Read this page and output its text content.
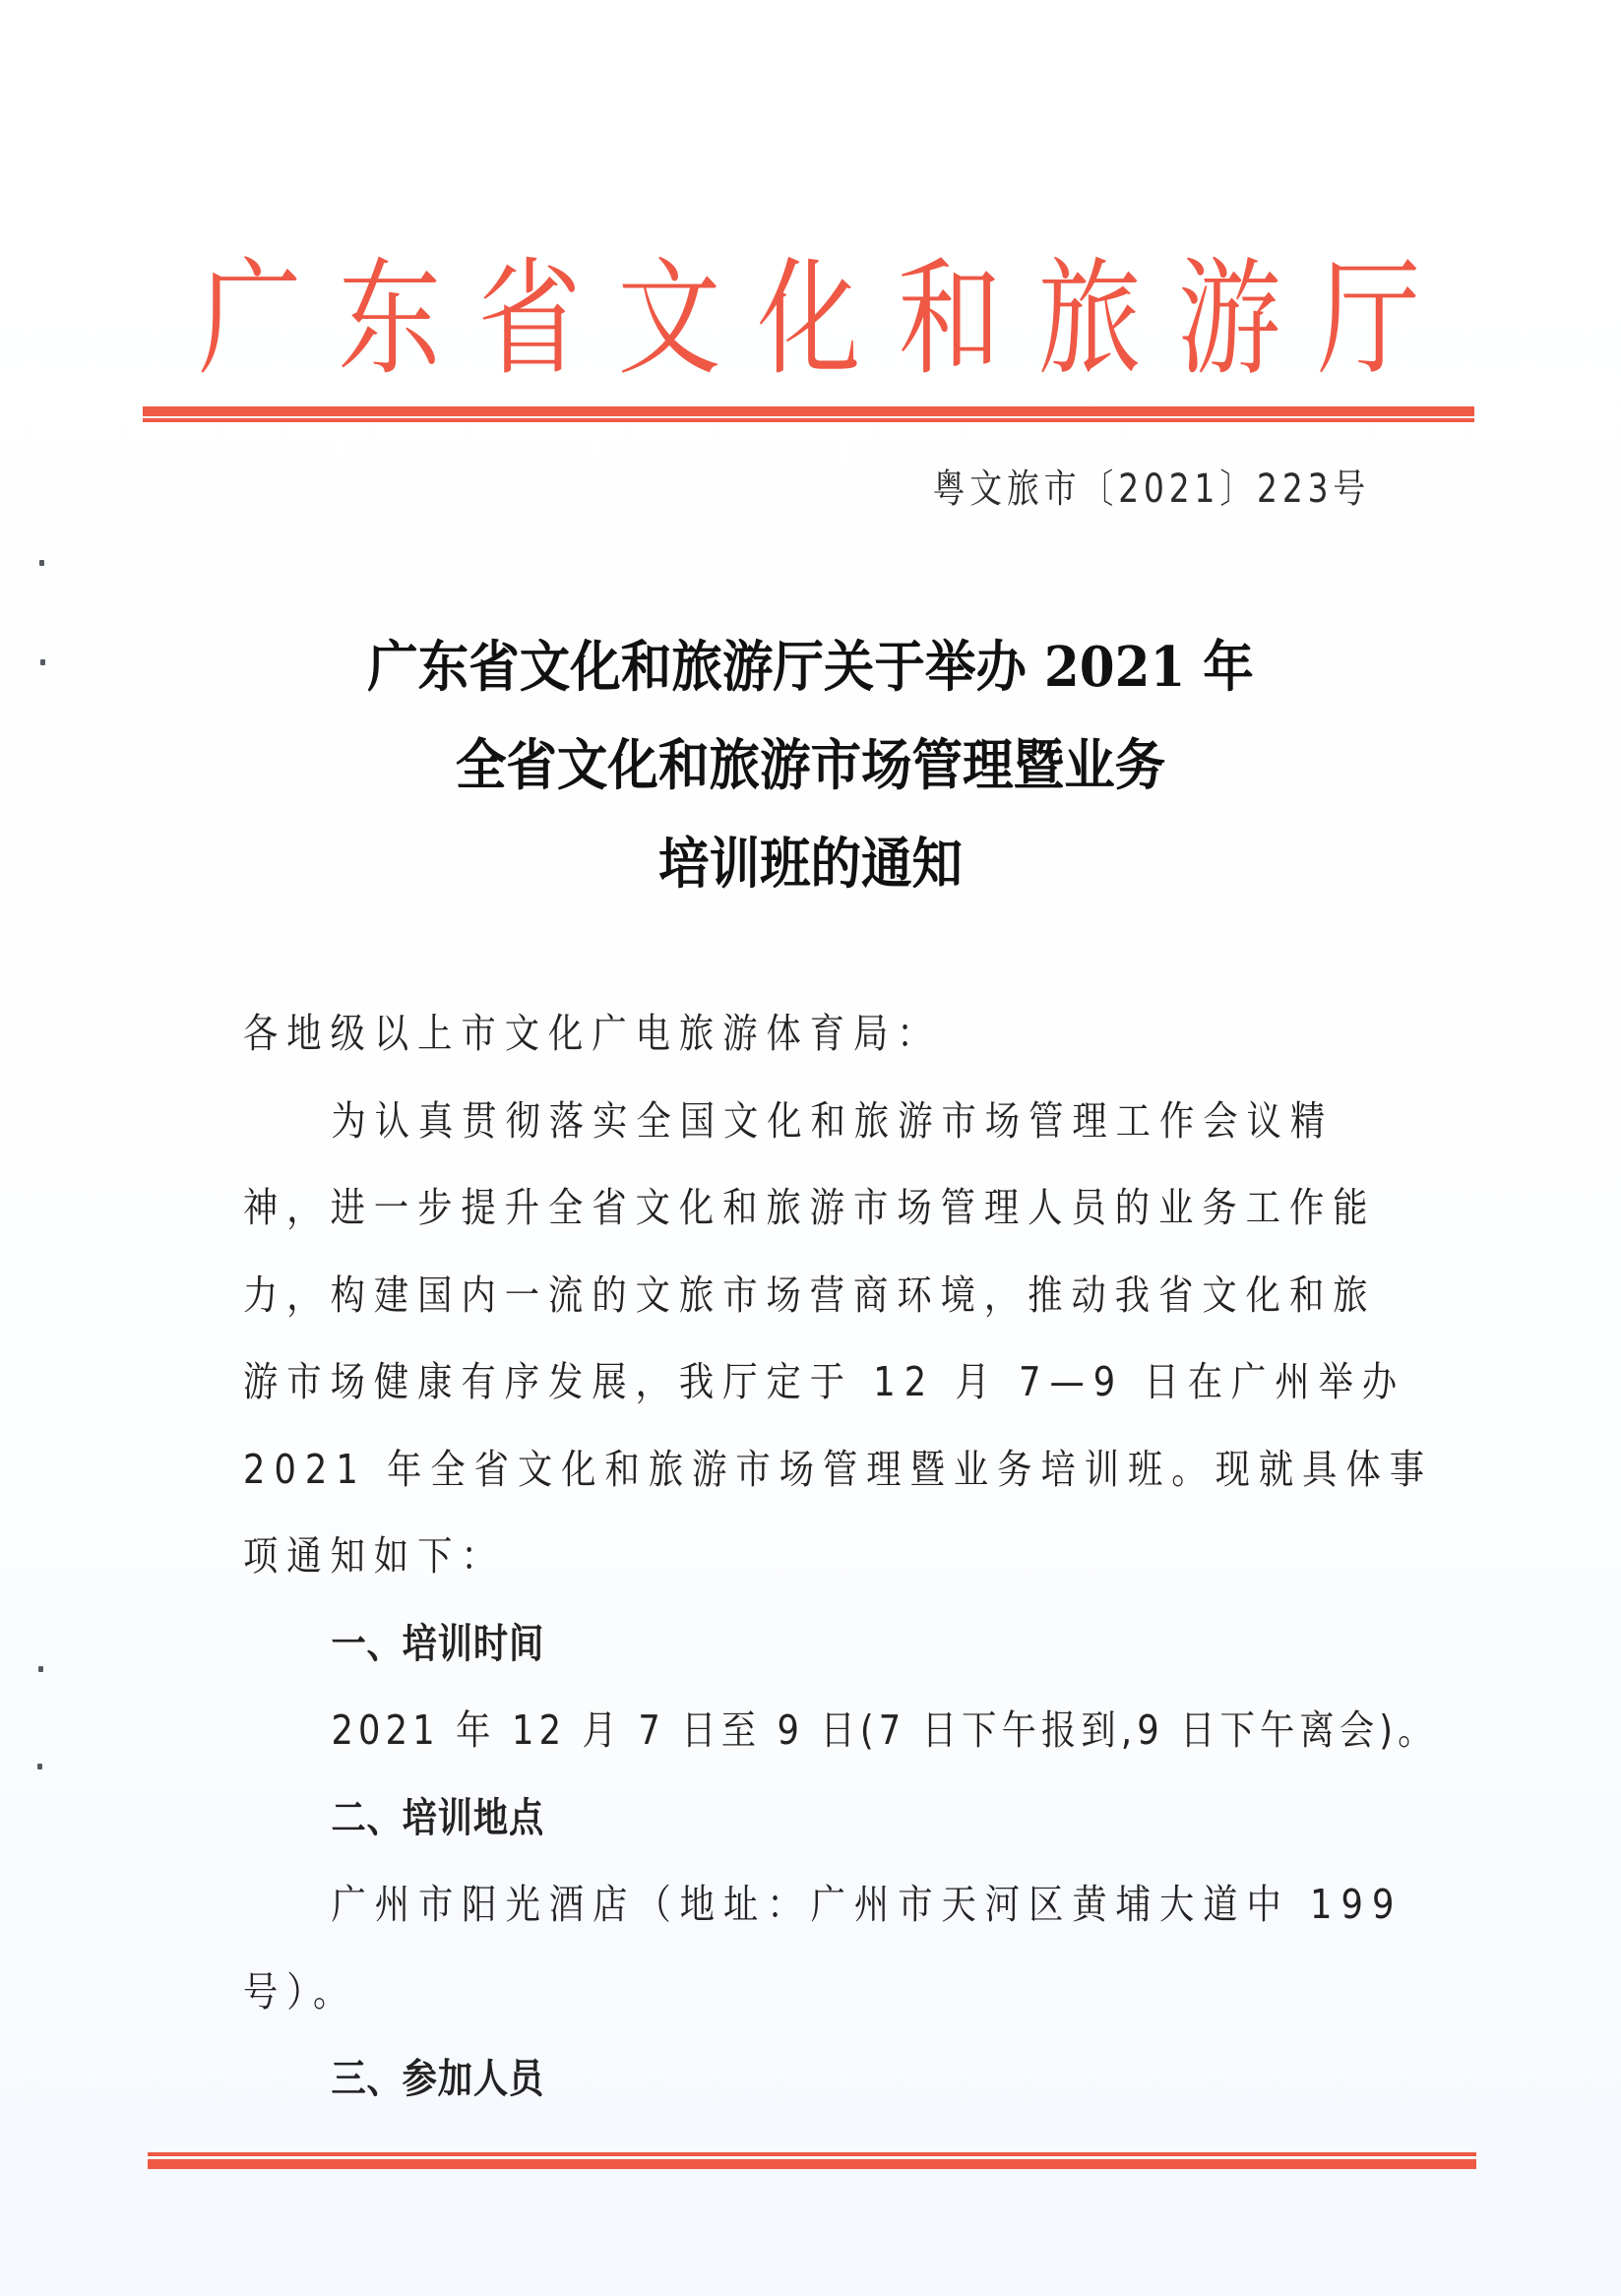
广 东 省 文 化 和 旅 游 厅
粤文旅市〔2021〕223号
广东省文化和旅游厅关于举办 2021 年
全省文化和旅游市场管理暨业务
培训班的通知
各地级以上市文化广电旅游体育局：
为认真贯彻落实全国文化和旅游市场管理工作会议精
神，进一步提升全省文化和旅游市场管理人员的业务工作能
力，构建国内一流的文旅市场营商环境，推动我省文化和旅
游市场健康有序发展，我厅定于 12 月 7—9 日在广州举办
2021 年全省文化和旅游市场管理暨业务培训班。现就具体事
项通知如下：
一、培训时间
2021 年 12 月 7 日至 9 日(7 日下午报到,9 日下午离会)。
二、培训地点
广州市阳光酒店（地址：广州市天河区黄埔大道中 199
号）。
三、参加人员
